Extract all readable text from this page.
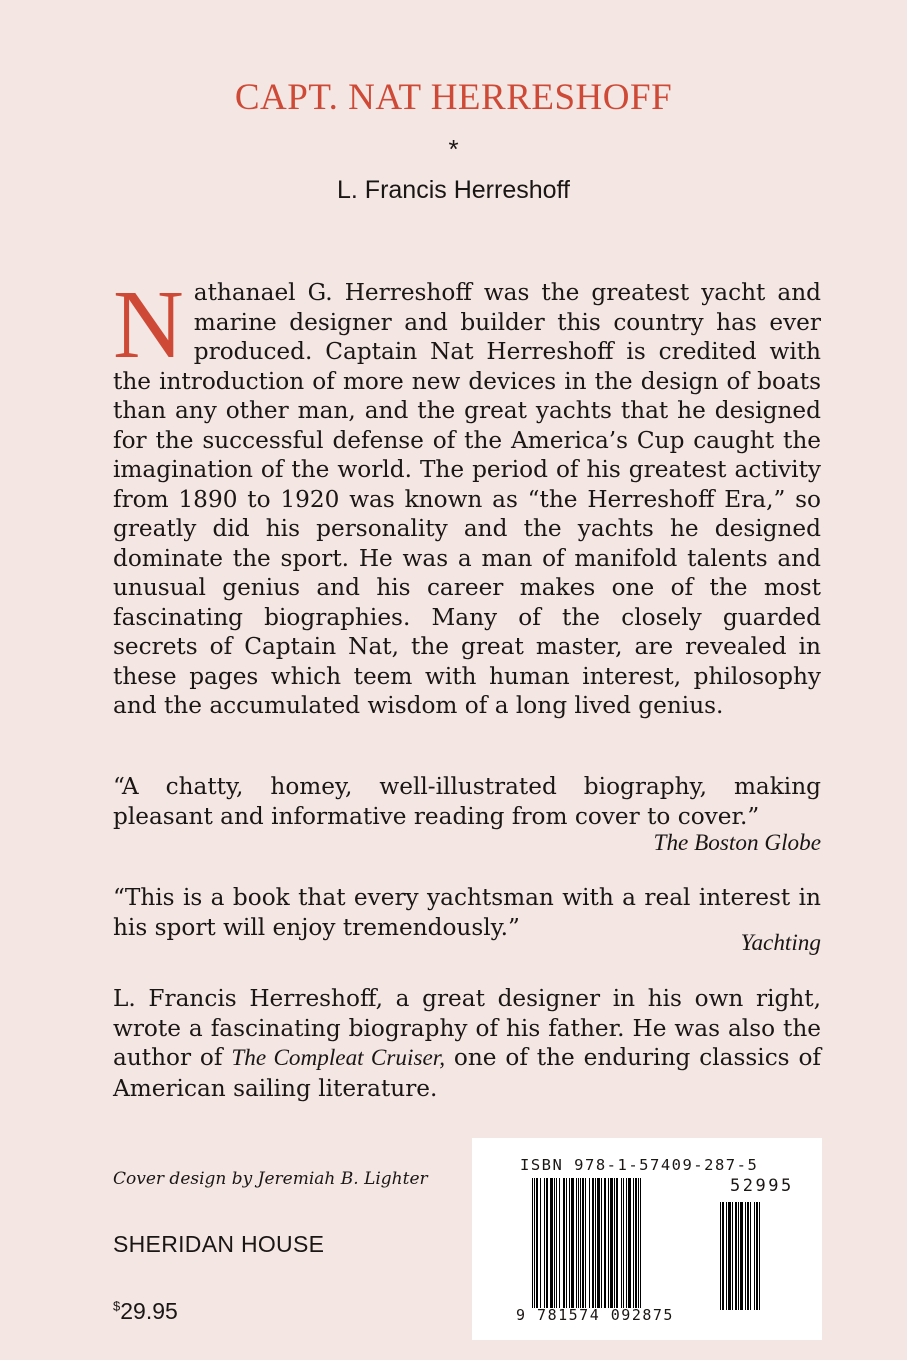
CAPT. NAT HERRESHOFF
*
L. Francis Herreshoff
Nathanael G. Herreshoff was the greatest yacht and marine designer and builder this country has ever produced. Captain Nat Herreshoff is credited with the introduction of more new devices in the design of boats than any other man, and the great yachts that he designed for the successful defense of the America’s Cup caught the imagination of the world. The period of his greatest activity from 1890 to 1920 was known as “the Herreshoff Era,” so greatly did his personality and the yachts he designed dominate the sport. He was a man of manifold talents and unusual genius and his career makes one of the most fascinating biographies. Many of the closely guarded secrets of Captain Nat, the great master, are revealed in these pages which teem with human interest, philosophy and the accumulated wisdom of a long lived genius.
“A chatty, homey, well-illustrated biography, making pleasant and informative reading from cover to cover.”
The Boston Globe
“This is a book that every yachtsman with a real interest in his sport will enjoy tremendously.”
Yachting
L. Francis Herreshoff, a great designer in his own right, wrote a fascinating biography of his father. He was also the author of The Compleat Cruiser, one of the enduring classics of American sailing literature.
Cover design by Jeremiah B. Lighter
SHERIDAN HOUSE
$29.95
ISBN 978-1-57409-287-5
52995
9 781574 092875
